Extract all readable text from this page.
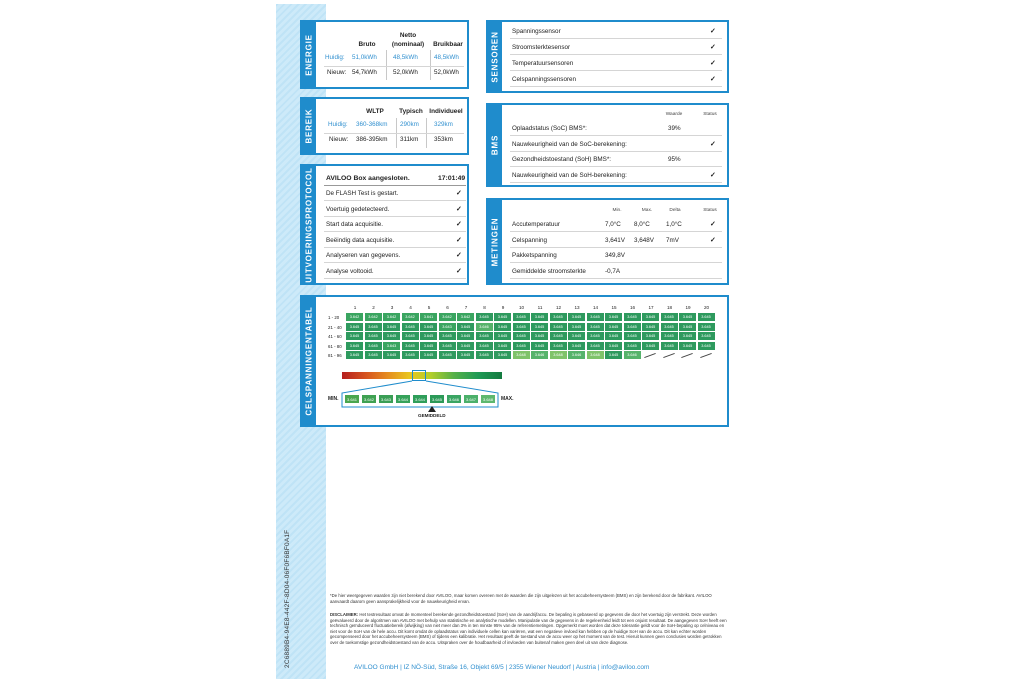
2C6889B4-94E8-442F-8D04-06F0F6BF0A1F
ENERGIE	Bruto
Netto
(nominaal)	Bruikbaar
Huidig: 51,0kWh	48,5kWh	48,5kWh
Nieuw: 54,7kWh	52,0kWh	52,0kWh
BEREIK	WLTP	Typisch	Individueel
Huidig: 360-368km 290km 329km
Nieuw: 386-395km 311km 353km
UITVOERINGSPROTOCOL AVILOO Box aangesloten.	17:01:49
De FLASH Test is gestart.	✓
Voertuig gedetecteerd.	✓
Start data acquisitie.	✓
Beëindig data acquisitie.	✓
Analyseren van gegevens.	✓
Analyse voltooid.	✓
SENSOREN Spanningssensor	✓
Stroomsterktesensor	✓
Temperatuursensoren	✓
Celspanningssensoren	✓
BMS
Waarde	Status
Oplaadstatus (SoC) BMS*:	39%
Nauwkeurigheid van de SoC-berekening:	✓
Gezondheidstoestand (SoH) BMS*:	95%
Nauwkeurigheid van de SoH-berekening:	✓
METINGEN
Min.	Max.	Delta	Status
Accutemperatuur	7,0°C 8,0°C	1,0°C	✓
Celspanning	3,641V 3,648V 7mV	✓
Pakketspanning	349,8V
Gemiddelde stroomsterkte	-0,7A
CELSPANNINGENTABEL	1	2	3	4	5	6	7	8	9	10	11	12	13	14	15	16	17	18	19	20
1 - 20	3.642	3.642	3.642	3.642	3.641	3.642	3.642	3.645	3.645	3.645	3.645	3.645	3.645	3.645	3.645	3.645	3.645	3.645	3.645	3.645
21 - 40	3.645	3.645	3.645	3.645	3.645	3.643	3.645	3.646	3.645	3.645	3.645	3.645	3.645	3.645	3.645	3.645	3.645	3.645	3.645	3.645
41 - 60	3.645	3.645	3.645	3.645	3.645	3.645	3.645	3.645	3.645	3.645	3.645	3.645	3.645	3.645	3.645	3.645	3.645	3.645	3.645	3.645
61 - 80	3.645	3.645	3.643	3.645	3.645	3.645	3.645	3.645	3.645	3.645	3.645	3.645	3.645	3.645	3.645	3.645	3.645	3.645	3.645	3.645
81 - 96	3.645	3.645	3.645	3.645	3.645	3.645	3.645	3.645	3.645	3.648	3.646	3.648	3.646	3.648	3.645	3.646
MIN.	MAX.
3.641	3.642	3.643	3.644	3.644	3.645	3.646	3.647	3.648
GEMIDDELD
*De hier weergegeven waarden zijn niet berekend door AVILOO, maar komen overeen met de waarden die zijn uitgelezen uit het accubeheersysteem (BMS) en zijn berekend door de fabrikant. AVILOO aanvaardt daarom geen aansprakelijkheid voor de nauwkeurigheid ervan.
DISCLAIMER: Het testresultaat omvat de momenteel berekende gezondheidstoestand (SoH) van de aandrijfaccu. De bepaling is gebaseerd op gegevens die door het voertuig zijn verstrekt. Deze worden geëvalueerd door de algoritmen van AVILOO met behulp van statistische en analytische modellen. Manipulatie van de gegevens in de regeleenheid leidt tot een onjuist resultaat. De aangegeven SoH heeft een technisch geïnduceerd fluctuatiebereik (afwijking) van niet meer dan 3% in ten minste 95% van de referentiemetingen. Opgemerkt moet worden dat deze tolerantie geldt voor de SoH-bepaling op celniveau en niet voor de SoH van de hele accu. Dit komt omdat de oplaadstatus van individuele cellen kan variëren, wat een negatieve invloed kan hebben op de huidige SoH van de accu. Dit kan echter worden gecompenseerd door het accubeheersysteem (BMS) of tijdens een kalibratie. Het resultaat geeft de toestand van de accu weer op het moment van de test. Hieruit kunnen geen conclusies worden getrokken over de toekomstige gezondheidstoestand van de accu. Uitspraken over de houdbaarheid of invloeden van buitenaf maken geen deel uit van deze diagnose.
AVILOO GmbH | IZ NÖ-Süd, Straße 16, Objekt 69/5 | 2355 Wiener Neudorf | Austria | info@aviloo.com
